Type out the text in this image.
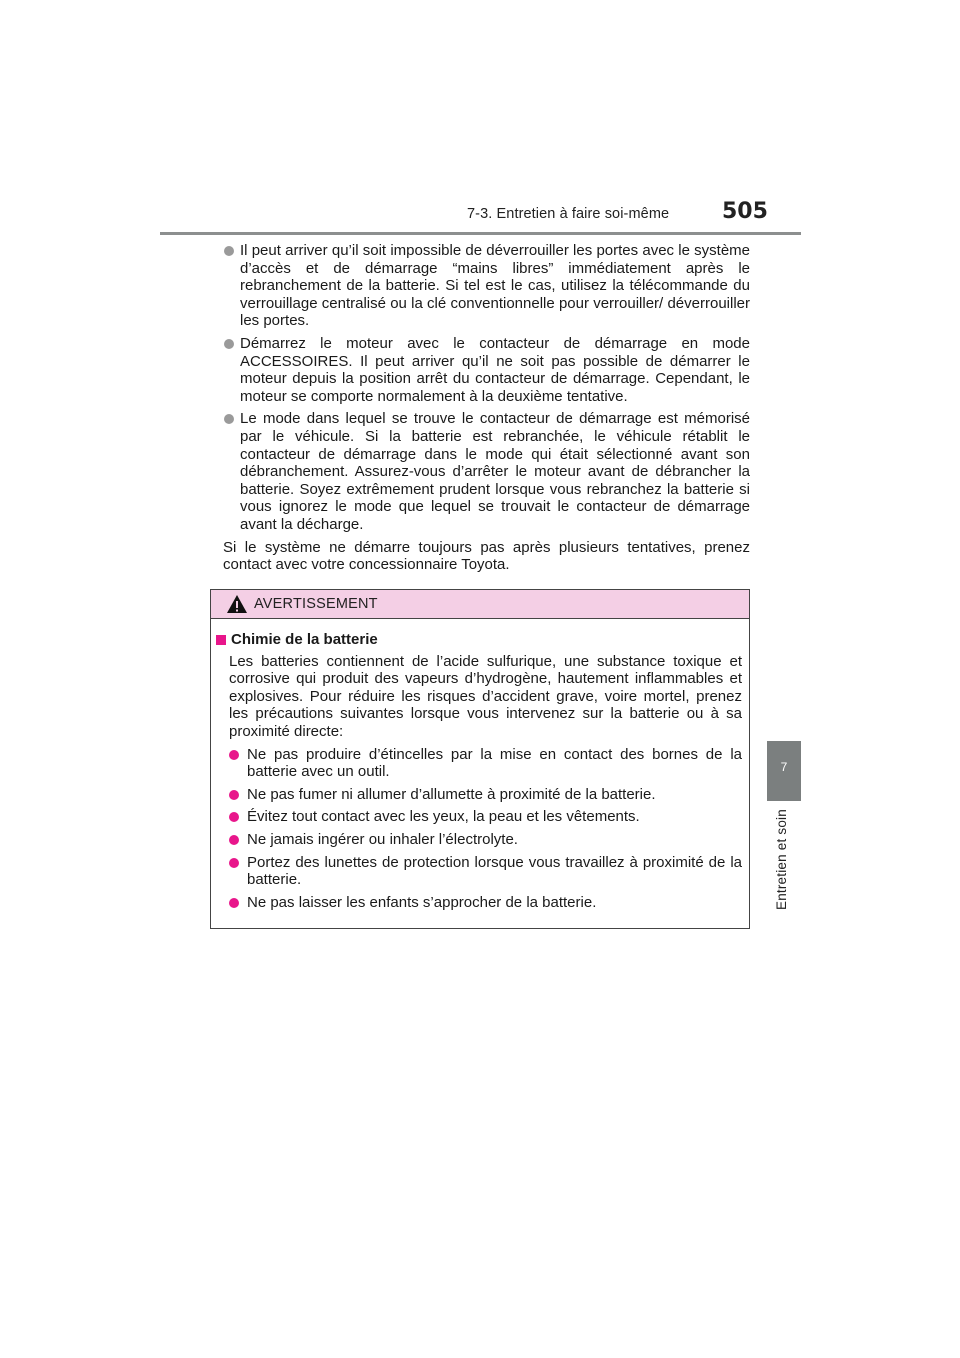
7-3. Entretien à faire soi-même 505
7
Entretien et soin
Il peut arriver qu’il soit impossible de déverrouiller les portes avec le système d’accès et de démarrage “mains libres” immédiatement après le rebranchement de la batterie. Si tel est le cas, utilisez la télécommande du verrouillage centralisé ou la clé conventionnelle pour verrouiller/ déverrouiller les portes.
Démarrez le moteur avec le contacteur de démarrage en mode ACCESSOIRES. Il peut arriver qu’il ne soit pas possible de démarrer le moteur depuis la position arrêt du contacteur de démarrage. Cependant, le moteur se comporte normalement à la deuxième tentative.
Le mode dans lequel se trouve le contacteur de démarrage est mémorisé par le véhicule. Si la batterie est rebranchée, le véhicule rétablit le contacteur de démarrage dans le mode qui était sélectionné avant son débranchement. Assurez-vous d’arrêter le moteur avant de débrancher la batterie. Soyez extrêmement prudent lorsque vous rebranchez la batterie si vous ignorez le mode que lequel se trouvait le contacteur de démarrage avant la décharge.

Si le système ne démarre toujours pas après plusieurs tentatives, prenez contact avec votre concessionnaire Toyota.

AVERTISSEMENT
Chimie de la batterie

Les batteries contiennent de l’acide sulfurique, une substance toxique et corrosive qui produit des vapeurs d’hydrogène, hautement inflammables et explosives. Pour réduire les risques d’accident grave, voire mortel, prenez les précautions suivantes lorsque vous intervenez sur la batterie ou à sa proximité directe:

Ne pas produire d’étincelles par la mise en contact des bornes de la batterie avec un outil.
Ne pas fumer ni allumer d’allumette à proximité de la batterie.
Évitez tout contact avec les yeux, la peau et les vêtements.
Ne jamais ingérer ou inhaler l’électrolyte.
Portez des lunettes de protection lorsque vous travaillez à proximité de la batterie.
Ne pas laisser les enfants s’approcher de la batterie.
